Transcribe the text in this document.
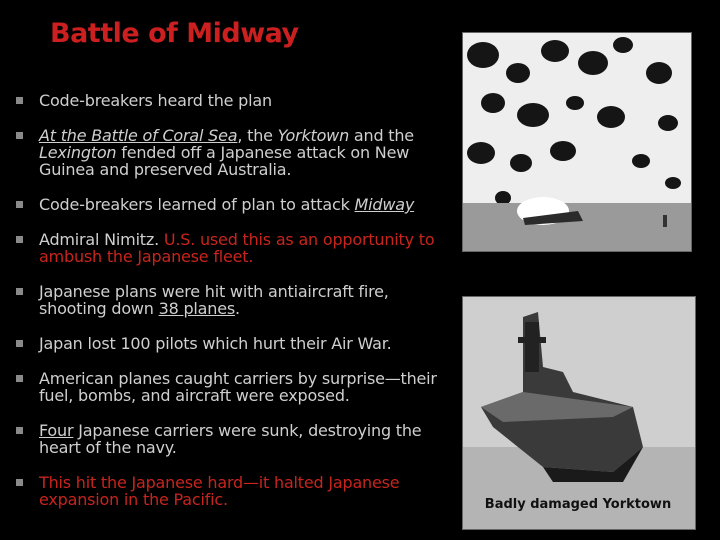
Battle of Midway
Code-breakers heard the plan
At the Battle of Coral Sea, the Yorktown and the Lexington fended off a Japanese attack on New Guinea and preserved Australia.
Code-breakers learned of plan to attack Midway
Admiral Nimitz. U.S. used this as an opportunity to ambush the Japanese fleet.
Japanese plans were hit with antiaircraft fire, shooting down 38 planes.
Japan lost 100 pilots which hurt their Air War.
American planes caught carriers by surprise—their fuel, bombs, and aircraft were exposed.
Four Japanese carriers were sunk, destroying the heart of the navy.
This hit the Japanese hard—it halted Japanese expansion in the Pacific.	Badly damaged Yorktown
